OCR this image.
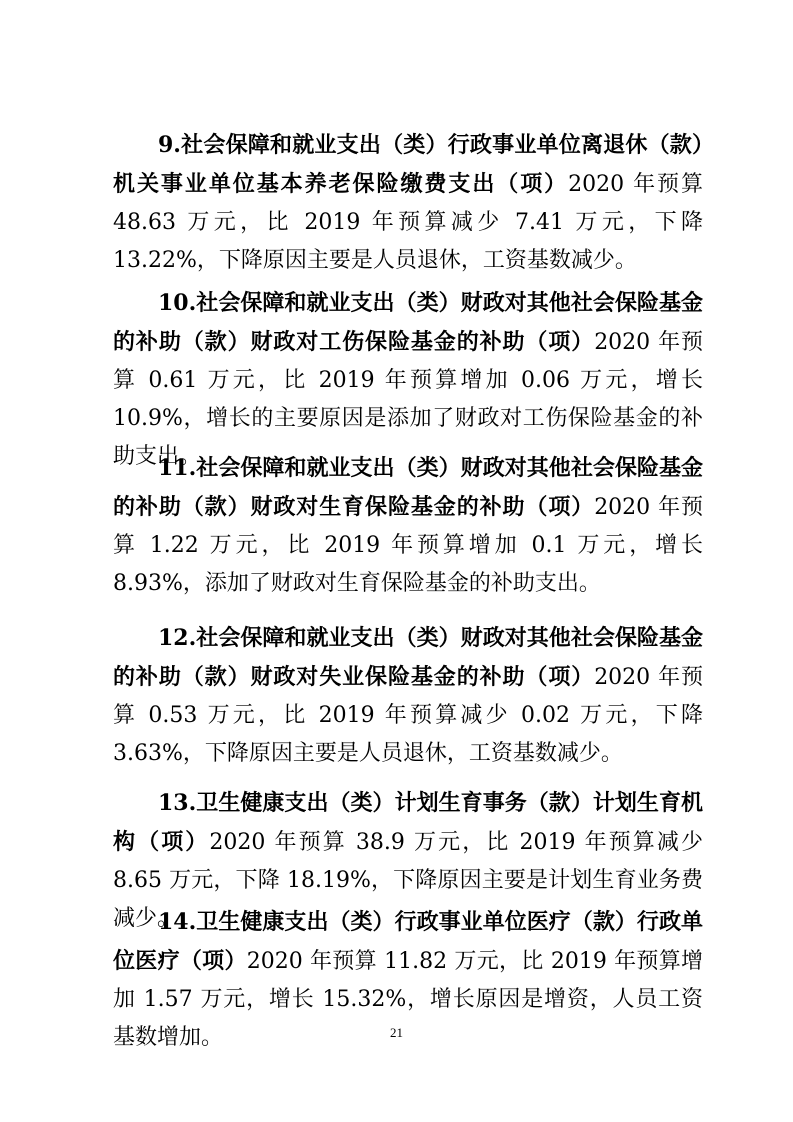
9.社会保障和就业支出（类）行政事业单位离退休（款）机关事业单位基本养老保险缴费支出（项）2020 年预算 48.63 万元，比 2019 年预算减少 7.41 万元，下降 13.22%，下降原因主要是人员退休，工资基数减少。

10.社会保障和就业支出（类）财政对其他社会保险基金的补助（款）财政对工伤保险基金的补助（项）2020 年预算 0.61 万元，比 2019 年预算增加 0.06 万元，增长 10.9%，增长的主要原因是添加了财政对工伤保险基金的补助支出。

11.社会保障和就业支出（类）财政对其他社会保险基金的补助（款）财政对生育保险基金的补助（项）2020 年预算 1.22 万元，比 2019 年预算增加 0.1 万元，增长 8.93%，添加了财政对生育保险基金的补助支出。

12.社会保障和就业支出（类）财政对其他社会保险基金的补助（款）财政对失业保险基金的补助（项）2020 年预算 0.53 万元，比 2019 年预算减少 0.02 万元，下降 3.63%，下降原因主要是人员退休，工资基数减少。

13.卫生健康支出（类）计划生育事务（款）计划生育机构（项）2020 年预算 38.9 万元，比 2019 年预算减少 8.65 万元，下降 18.19%，下降原因主要是计划生育业务费减少。

14.卫生健康支出（类）行政事业单位医疗（款）行政单位医疗（项）2020 年预算 11.82 万元，比 2019 年预算增加 1.57 万元，增长 15.32%，增长原因是增资，人员工资基数增加。	21
